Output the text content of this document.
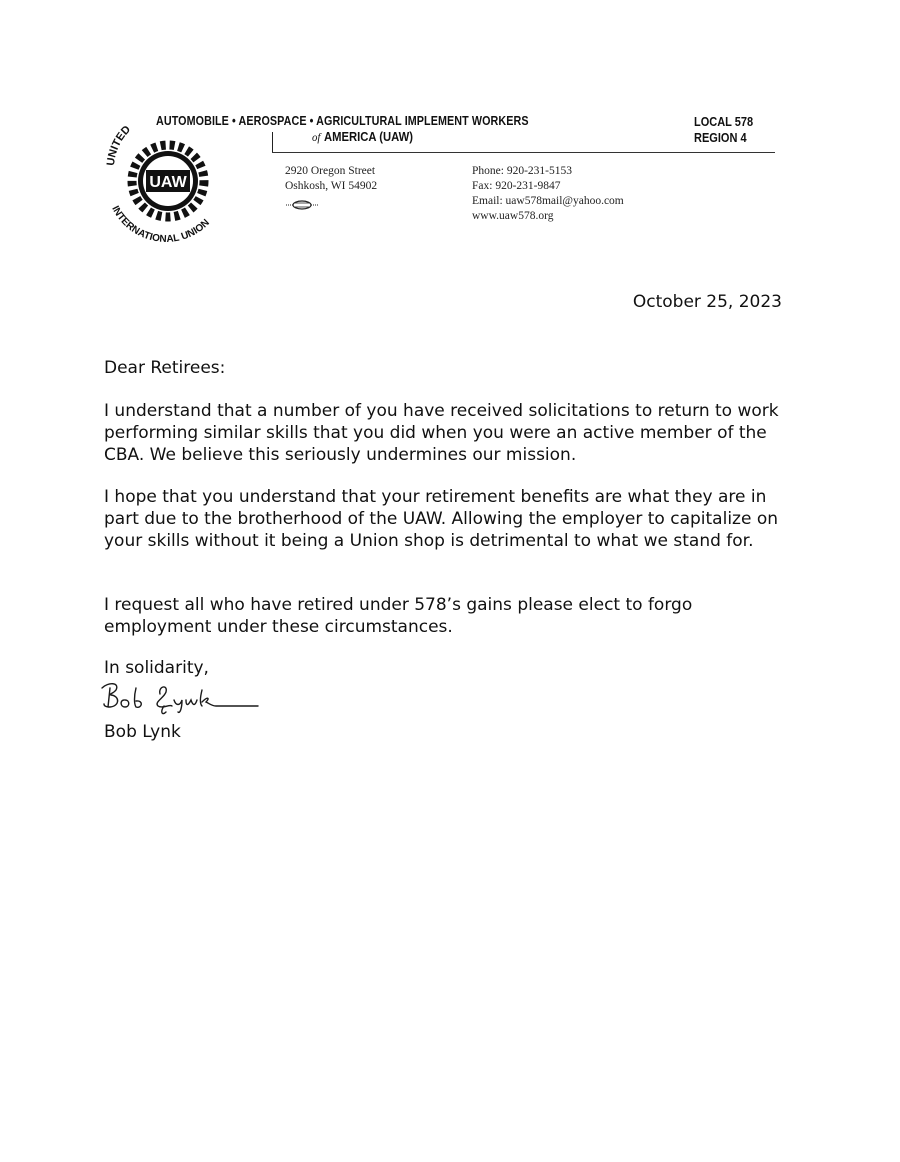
UNITED
UAW
INTERNATIONAL UNION
AUTOMOBILE • AEROSPACE • AGRICULTURAL IMPLEMENT WORKERS
of AMERICA (UAW)
LOCAL 578
REGION 4
2920 Oregon Street
Oshkosh, WI 54902
Phone: 920-231-5153
Fax: 920-231-9847
Email: uaw578mail@yahoo.com
www.uaw578.org
October 25, 2023
Dear Retirees:

I understand that a number of you have received solicitations to return to work performing similar skills that you did when you were an active member of the CBA. We believe this seriously undermines our mission.

I hope that you understand that your retirement benefits are what they are in part due to the brotherhood of the UAW. Allowing the employer to capitalize on your skills without it being a Union shop is detrimental to what we stand for.

I request all who have retired under 578’s gains please elect to forgo employment under these circumstances.

In solidarity,
Bob Lynk
